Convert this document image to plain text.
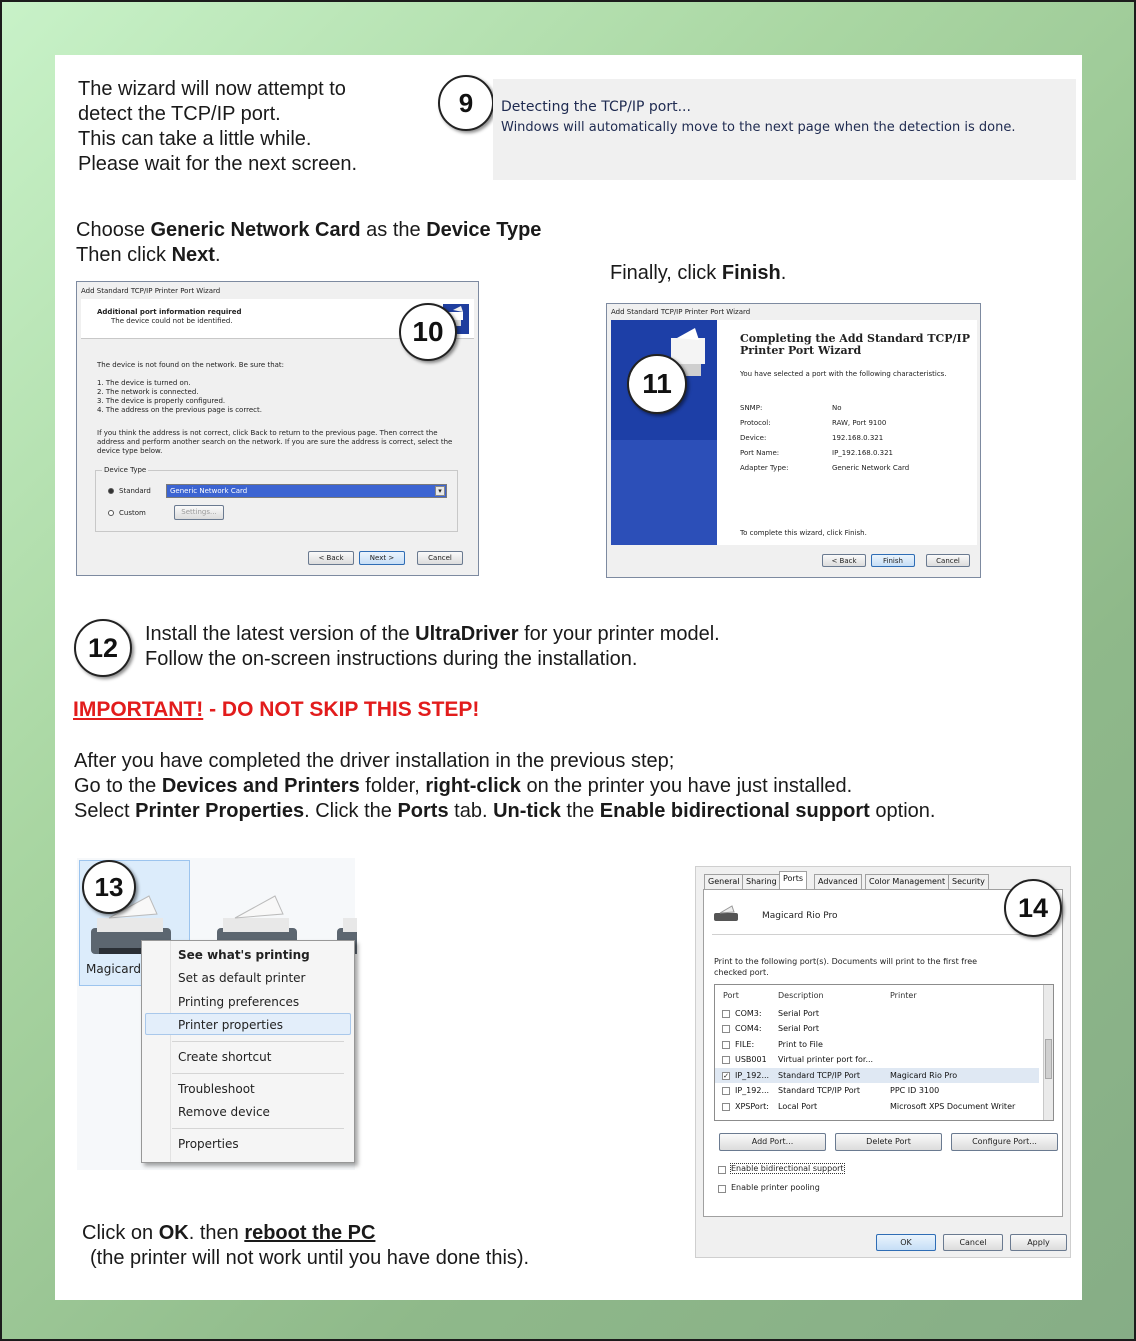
The wizard will now attempt to
detect the TCP/IP port.
This can take a little while.
Please wait for the next screen.
9 Detecting the TCP/IP port...
Windows will automatically move to the next page when the detection is done.
Choose Generic Network Card as the Device Type
Then click Next.
Add Standard TCP/IP Printer Port Wizard
Additional port information required
The device could not be identified.
The device is not found on the network. Be sure that:
1. The device is turned on.
2. The network is connected.
3. The device is properly configured.
4. The address on the previous page is correct.
If you think the address is not correct, click Back to return to the previous page. Then correct the address and perform another search on the network. If you are sure the address is correct, select the device type below.
Device Type
Standard	Generic Network Card	▾
Custom	Settings...
< Back	Next >	Cancel
10
Finally, click Finish.
Add Standard TCP/IP Printer Port Wizard
Completing the Add Standard TCP/IP
Printer Port Wizard
You have selected a port with the following characteristics.
SNMP:	No
Protocol:	RAW, Port 9100
Device:	192.168.0.321
Port Name:	IP_192.168.0.321
Adapter Type:	Generic Network Card
To complete this wizard, click Finish.
< Back	Finish	Cancel
11
12 Install the latest version of the UltraDriver for your printer model.
Follow the on-screen instructions during the installation.
IMPORTANT! - DO NOT SKIP THIS STEP!
After you have completed the driver installation in the previous step;
Go to the Devices and Printers folder, right-click on the printer you have just installed.
Select Printer Properties. Click the Ports tab. Un-tick the Enable bidirectional support option.
Magicard
13
See what's printing
Set as default printer
Printing preferences
Printer properties
Create shortcut
Troubleshoot
Remove device
Properties
General Sharing Ports	Advanced	Color Management Security
Magicard Rio Pro
Print to the following port(s). Documents will print to the first free
checked port.
Port	Description	Printer
COM3: Serial Port
COM4: Serial Port
FILE:	Print to File
USB001 Virtual printer port for...
✓ IP_192... Standard TCP/IP Port	Magicard Rio Pro
IP_192... Standard TCP/IP Port	PPC ID 3100
XPSPort: Local Port	Microsoft XPS Document Writer
Add Port...	Delete Port	Configure Port...
Enable bidirectional support
Enable printer pooling
OK	Cancel	Apply
14
Click on OK. then reboot the PC
(the printer will not work until you have done this).
